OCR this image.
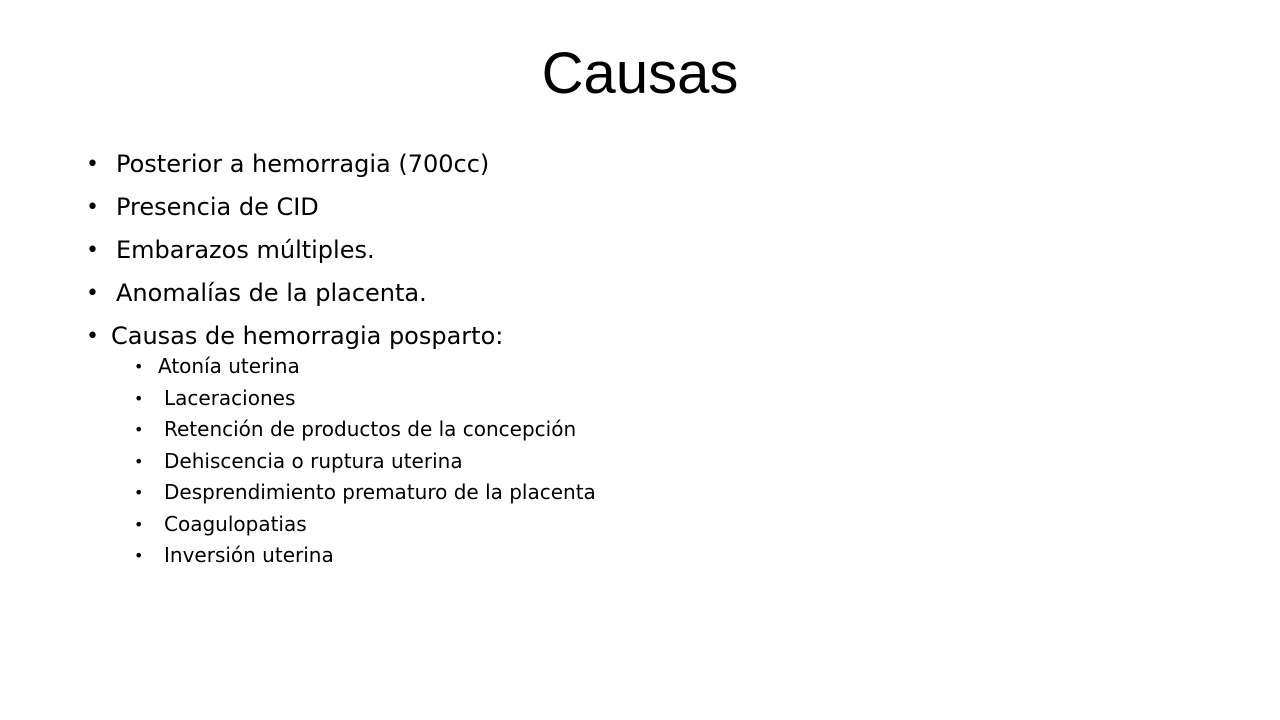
Causas
• Posterior a hemorragia (700cc)
• Presencia de CID
• Embarazos múltiples.
• Anomalías de la placenta.
• Causas de hemorragia posparto:
• Atonía uterina
• Laceraciones
• Retención de productos de la concepción
• Dehiscencia o ruptura uterina
• Desprendimiento prematuro de la placenta
• Coagulopatias
• Inversión uterina
